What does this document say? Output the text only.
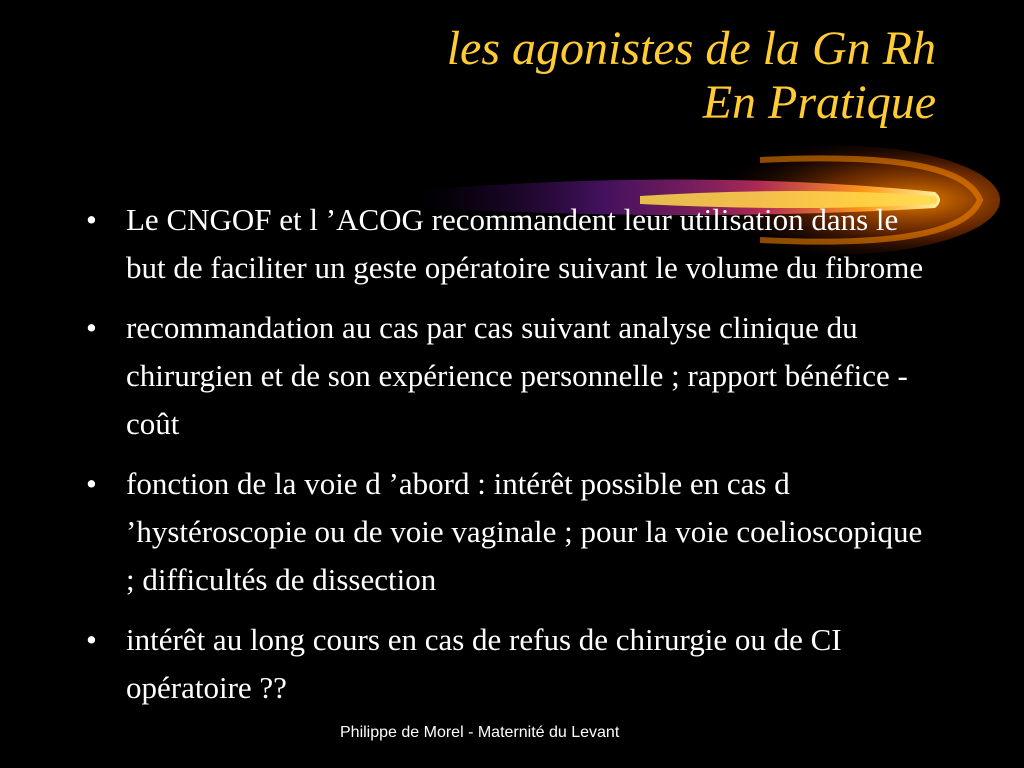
les agonistes de la Gn Rh
En Pratique
• Le CNGOF et l ’ACOG recommandent leur utilisation dans le but de faciliter un geste opératoire suivant le volume du fibrome
• recommandation au cas par cas suivant analyse clinique du chirurgien et de son expérience personnelle ; rapport bénéfice - coût
• fonction de la voie d ’abord : intérêt possible en cas d ’hystéroscopie ou de voie vaginale ; pour la voie coelioscopique ; difficultés de dissection
• intérêt au long cours en cas de refus de chirurgie ou de CI opératoire ??
Philippe de Morel - Maternité du Levant
